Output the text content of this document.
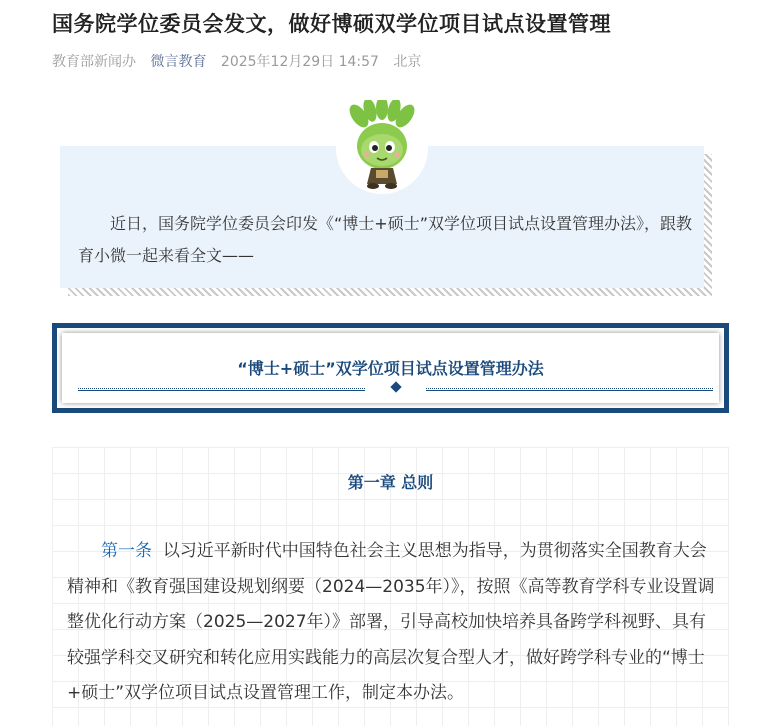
国务院学位委员会发文，做好博硕双学位项目试点设置管理
教育部新闻办 微言教育 2025年12月29日 14:57 北京

近日，国务院学位委员会印发《“博士+硕士”双学位项目试点设置管理办法》，跟教育小微一起来看全文——

“博士+硕士”双学位项目试点设置管理办法
第一章 总则

第一条 以习近平新时代中国特色社会主义思想为指导，为贯彻落实全国教育大会精神和《教育强国建设规划纲要（2024—2035年）》，按照《高等教育学科专业设置调整优化行动方案（2025—2027年）》部署，引导高校加快培养具备跨学科视野、具有较强学科交叉研究和转化应用实践能力的高层次复合型人才，做好跨学科专业的“博士+硕士”双学位项目试点设置管理工作，制定本办法。
